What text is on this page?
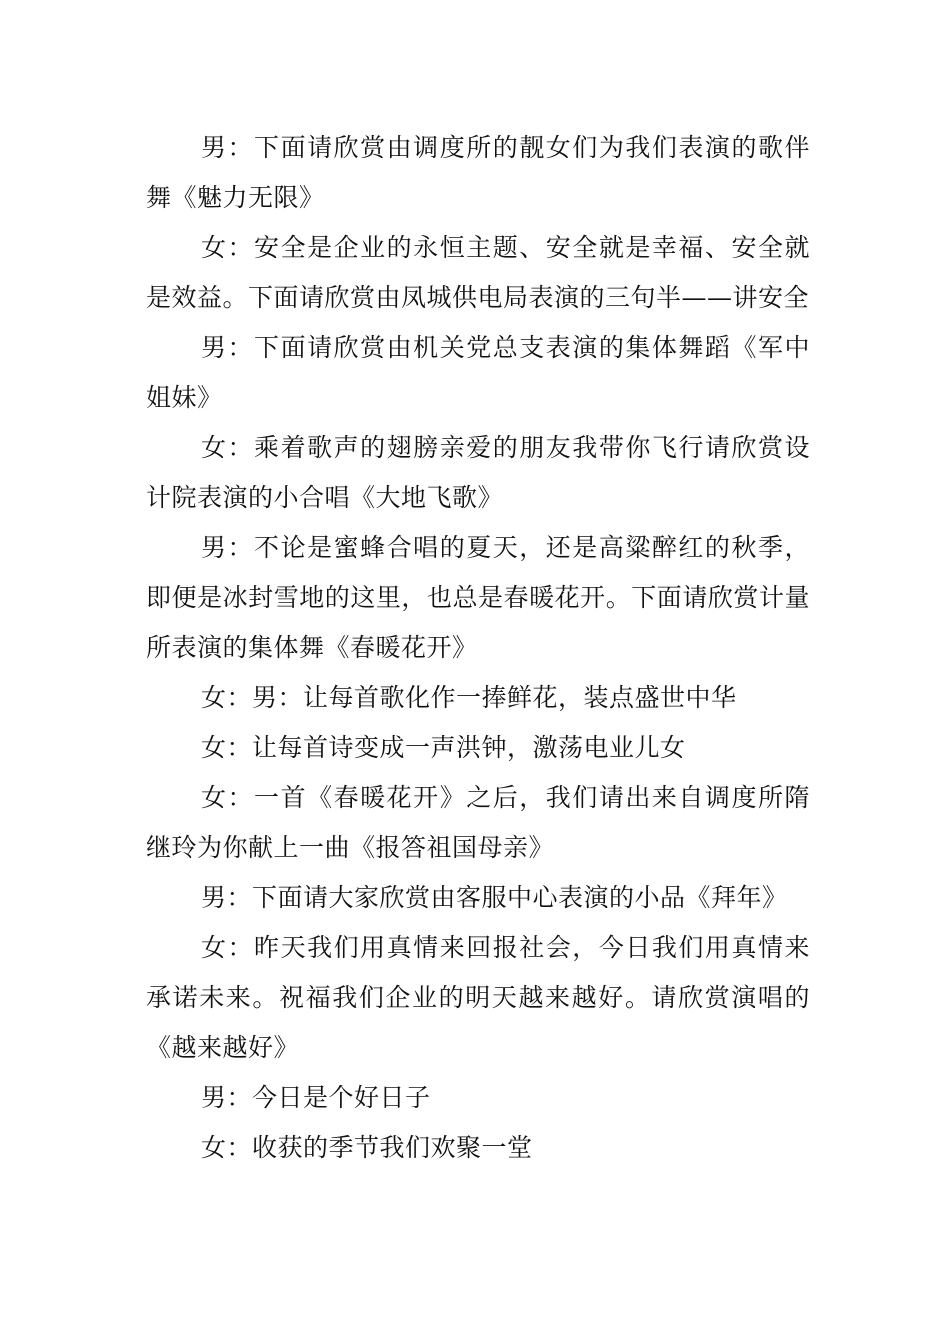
男：下面请欣赏由调度所的靓女们为我们表演的歌伴舞《魅力无限》

女：安全是企业的永恒主题、安全就是幸福、安全就是效益。下面请欣赏由凤城供电局表演的三句半——讲安全

男：下面请欣赏由机关党总支表演的集体舞蹈《军中姐妹》

女：乘着歌声的翅膀亲爱的朋友我带你飞行请欣赏设计院表演的小合唱《大地飞歌》

男：不论是蜜蜂合唱的夏天，还是高粱醉红的秋季，即便是冰封雪地的这里，也总是春暖花开。下面请欣赏计量所表演的集体舞《春暖花开》

女：男：让每首歌化作一捧鲜花，装点盛世中华

女：让每首诗变成一声洪钟，激荡电业儿女

女：一首《春暖花开》之后，我们请出来自调度所隋继玲为你献上一曲《报答祖国母亲》

男：下面请大家欣赏由客服中心表演的小品《拜年》

女：昨天我们用真情来回报社会，今日我们用真情来承诺未来。祝福我们企业的明天越来越好。请欣赏演唱的《越来越好》

男：今日是个好日子

女：收获的季节我们欢聚一堂
